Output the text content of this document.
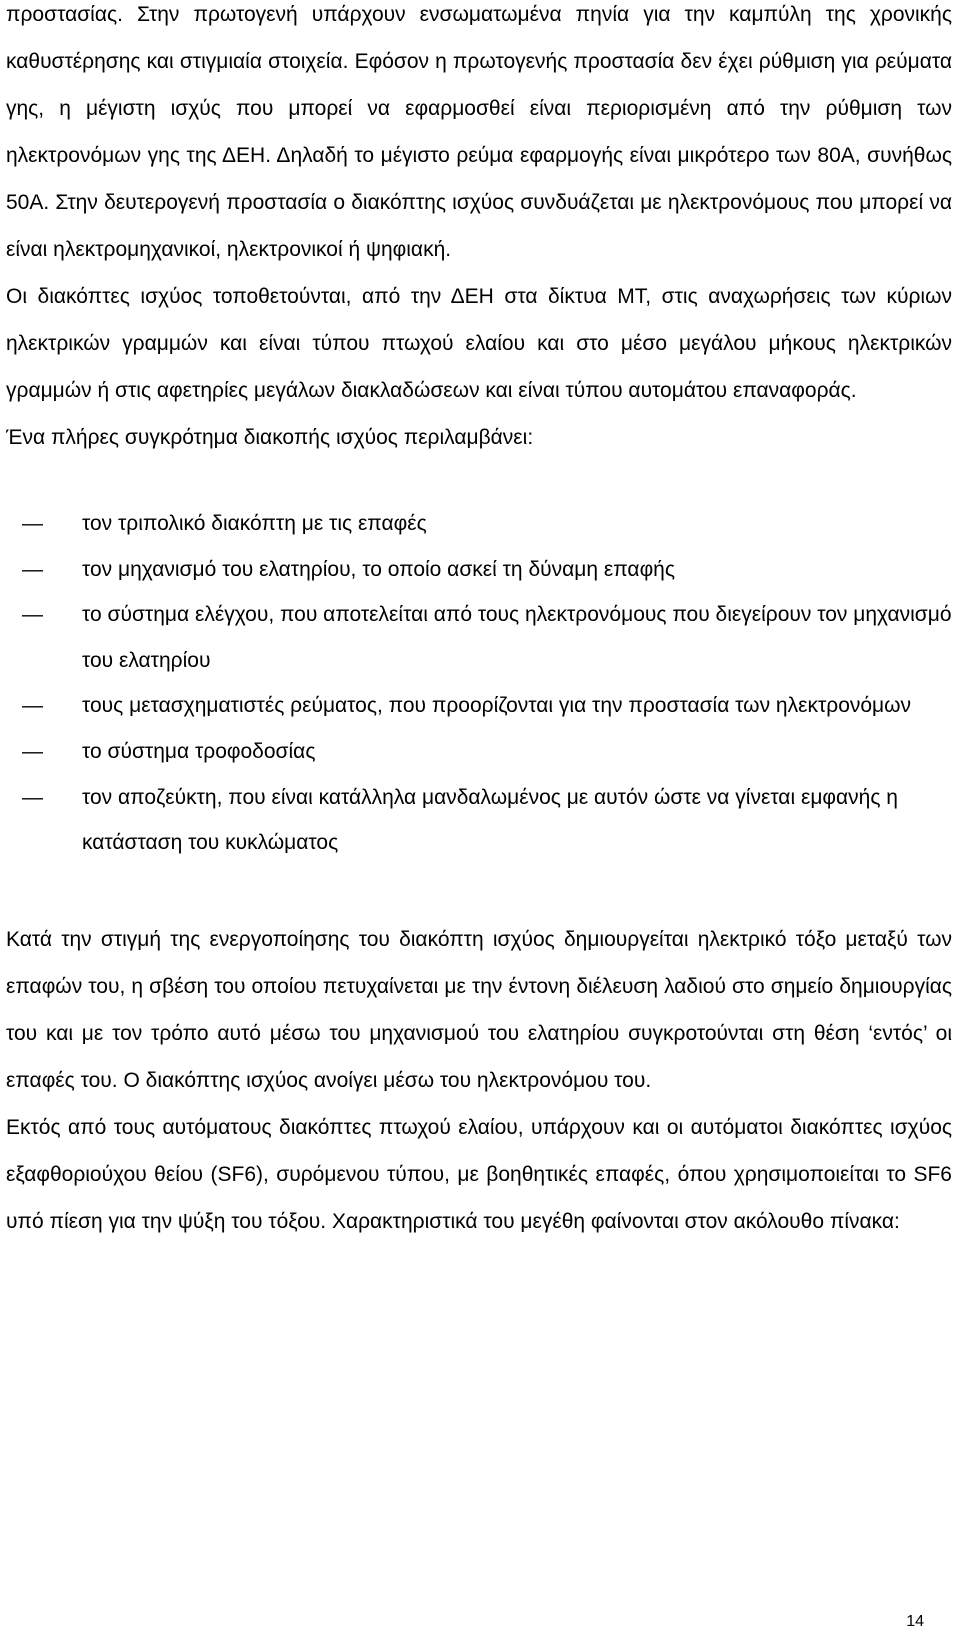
προστασίας. Στην πρωτογενή υπάρχουν ενσωματωμένα πηνία για την καμπύλη της χρονικής καθυστέρησης και στιγμιαία στοιχεία. Εφόσον η πρωτογενής προστασία δεν έχει ρύθμιση για ρεύματα γης, η μέγιστη ισχύς που μπορεί να εφαρμοσθεί είναι περιορισμένη από την ρύθμιση των ηλεκτρονόμων γης της ΔΕΗ. Δηλαδή το μέγιστο ρεύμα εφαρμογής είναι μικρότερο των 80Α, συνήθως 50Α. Στην δευτερογενή προστασία ο διακόπτης ισχύος συνδυάζεται με ηλεκτρονόμους που μπορεί να είναι ηλεκτρομηχανικοί, ηλεκτρονικοί ή ψηφιακή.

Οι διακόπτες ισχύος τοποθετούνται, από την ΔΕΗ στα δίκτυα ΜΤ, στις αναχωρήσεις των κύριων ηλεκτρικών γραμμών και είναι τύπου πτωχού ελαίου και στο μέσο μεγάλου μήκους ηλεκτρικών γραμμών ή στις αφετηρίες μεγάλων διακλαδώσεων και είναι τύπου αυτομάτου επαναφοράς.

Ένα πλήρες συγκρότημα διακοπής ισχύος περιλαμβάνει:

—
τον τριπολικό διακόπτη με τις επαφές
—
τον μηχανισμό του ελατηρίου, το οποίο ασκεί τη δύναμη επαφής
—
το σύστημα ελέγχου, που αποτελείται από τους ηλεκτρονόμους που διεγείρουν τον μηχανισμό του ελατηρίου
—
τους μετασχηματιστές ρεύματος, που προορίζονται για την προστασία των ηλεκτρονόμων
—
το σύστημα τροφοδοσίας
—
τον αποζεύκτη, που είναι κατάλληλα μανδαλωμένος με αυτόν ώστε να γίνεται εμφανής η κατάσταση του κυκλώματος

Κατά την στιγμή της ενεργοποίησης του διακόπτη ισχύος δημιουργείται ηλεκτρικό τόξο μεταξύ των επαφών του, η σβέση του οποίου πετυχαίνεται με την έντονη διέλευση λαδιού στο σημείο δημιουργίας του και με τον τρόπο αυτό μέσω του μηχανισμού του ελατηρίου συγκροτούνται στη θέση ‘εντός’ οι επαφές του. Ο διακόπτης ισχύος ανοίγει μέσω του ηλεκτρονόμου του.

Εκτός από τους αυτόματους διακόπτες πτωχού ελαίου, υπάρχουν και οι αυτόματοι διακόπτες ισχύος εξαφθοριούχου θείου (SF6), συρόμενου τύπου, με βοηθητικές επαφές, όπου χρησιμοποιείται το SF6 υπό πίεση για την ψύξη του τόξου. Χαρακτηριστικά του μεγέθη φαίνονται στον ακόλουθο πίνακα:

14
